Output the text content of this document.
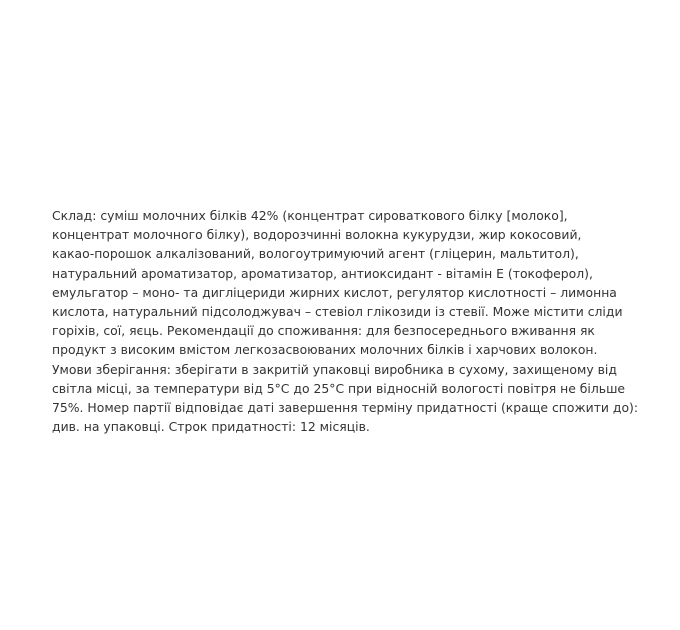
Склад: суміш молочних білків 42% (концентрат сироваткового білку [молоко],
концентрат молочного білку), водорозчинні волокна кукурудзи, жир кокосовий,
какао-порошок алкалізований, вологоутримуючий агент (гліцерин, мальтитол),
натуральний ароматизатор, ароматизатор, антиоксидант - вітамін Е (токоферол),
емульгатор – моно- та дигліцериди жирних кислот, регулятор кислотності – лимонна
кислота, натуральний підсолоджувач – стевіол глікозиди із стевії. Може містити сліди
горіхів, сої, яєць. Рекомендації до споживання: для безпосереднього вживання як
продукт з високим вмістом легкозасвоюваних молочних білків і харчових волокон.
Умови зберігання: зберігати в закритій упаковці виробника в сухому, захищеному від
світла місці, за температури від 5°С до 25°С при відносній вологості повітря не більше
75%. Номер партії відповідає даті завершення терміну придатності (краще спожити до):
див. на упаковці. Строк придатності: 12 місяців.
